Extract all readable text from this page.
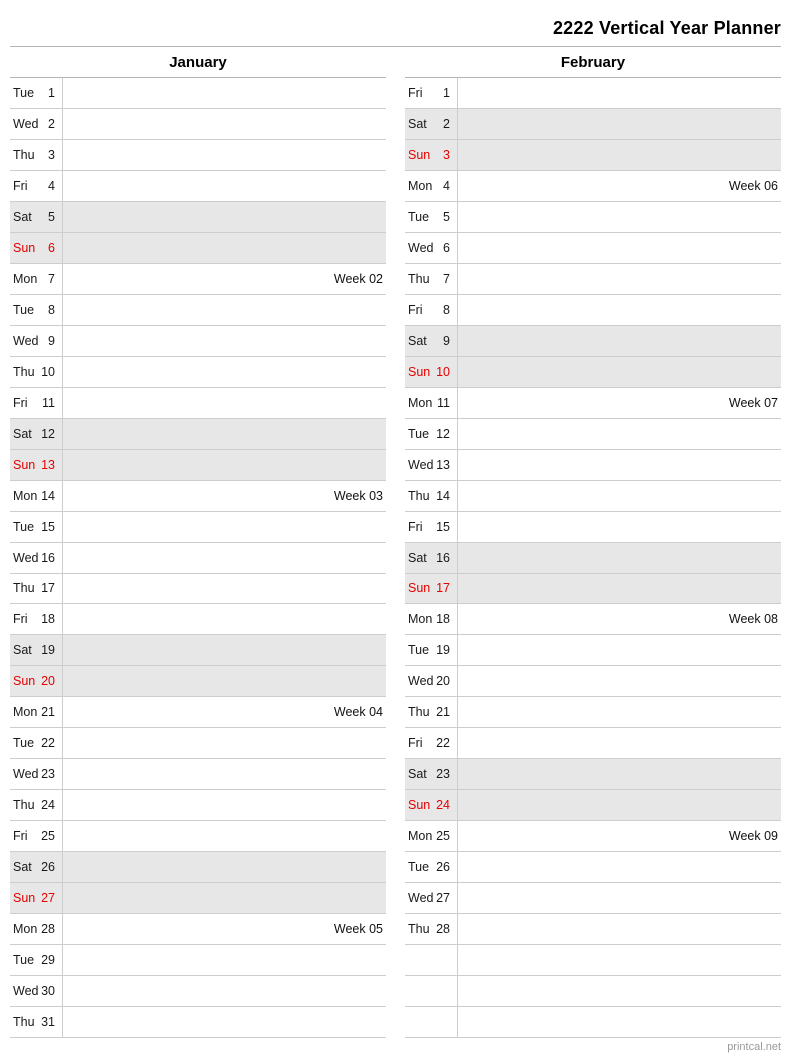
2222 Vertical Year Planner
January
Tue 1
Wed 2
Thu 3
Fri 4
Sat 5
Sun 6
Mon 7	Week 02
Tue 8
Wed 9
Thu 10
Fri 11
Sat 12
Sun 13
Mon 14	Week 03
Tue 15
Wed 16
Thu 17
Fri 18
Sat 19
Sun 20
Mon 21	Week 04
Tue 22
Wed 23
Thu 24
Fri 25
Sat 26
Sun 27
Mon 28	Week 05
Tue 29
Wed 30
Thu 31
February
Fri 1
Sat 2
Sun 3
Mon 4	Week 06
Tue 5
Wed 6
Thu 7
Fri 8
Sat 9
Sun 10
Mon 11	Week 07
Tue 12
Wed 13
Thu 14
Fri 15
Sat 16
Sun 17
Mon 18	Week 08
Tue 19
Wed 20
Thu 21
Fri 22
Sat 23
Sun 24
Mon 25	Week 09
Tue 26
Wed 27
Thu 28
printcal.net
